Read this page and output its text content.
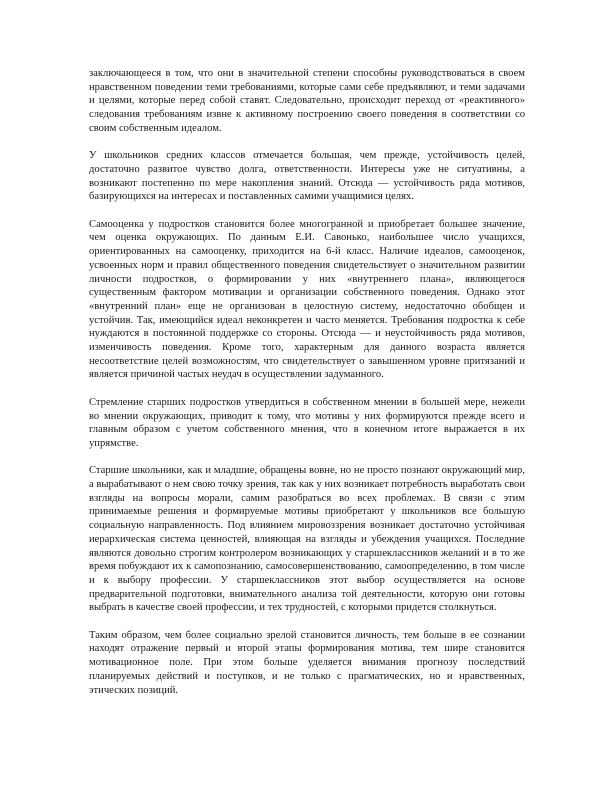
заключающееся в том, что они в значительной степени способны руководствоваться в своем нравственном поведении теми требованиями, которые сами себе предъявляют, и теми задачами и целями, которые перед собой ставят. Следовательно, происходит переход от «реактивного» следования требованиям извне к активному построению своего поведения в соответствии со своим собственным идеалом.

У школьников средних классов отмечается большая, чем прежде, устойчивость целей, достаточно развитое чувство долга, ответственности. Интересы уже не ситуативны, а возникают постепенно по мере накопления знаний. Отсюда — устойчивость ряда мотивов, базирующихся на интересах и поставленных самими учащимися целях.

Самооценка у подростков становится более многогранной и приобретает большее значение, чем оценка окружающих. По данным Е.И. Савонько, наибольшее число учащихся, ориентированных на самооценку, приходится на 6-й класс. Наличие идеалов, самооценок, усвоенных норм и правил общественного поведения свидетельствует о значительном развитии личности подростков, о формировании у них «внутреннего плана», являющегося существенным фактором мотивации и организации собственного поведения. Однако этот «внутренний план» еще не организован в целостную систему, недостаточно обобщен и устойчив. Так, имеющийся идеал неконкретен и часто меняется. Требования подростка к себе нуждаются в постоянной поддержке со стороны. Отсюда — и неустойчивость ряда мотивов, изменчивость поведения. Кроме того, характерным для данного возраста является несоответствие целей возможностям, что свидетельствует о завышенном уровне притязаний и является причиной частых неудач в осуществлении задуманного.

Стремление старших подростков утвердиться в собственном мнении в большей мере, нежели во мнении окружающих, приводит к тому, что мотивы у них формируются прежде всего и главным образом с учетом собственного мнения, что в конечном итоге выражается в их упрямстве.

Старшие школьники, как и младшие, обращены вовне, но не просто познают окружающий мир, а вырабатывают о нем свою точку зрения, так как у них возникает потребность выработать свои взгляды на вопросы морали, самим разобраться во всех проблемах. В связи с этим принимаемые решения и формируемые мотивы приобретают у школьников все большую социальную направленность. Под влиянием мировоззрения возникает достаточно устойчивая иерархическая система ценностей, влияющая на взгляды и убеждения учащихся. Последние являются довольно строгим контролером возникающих у старшеклассников желаний и в то же время побуждают их к самопознанию, самосовершенствованию, самоопределению, в том числе и к выбору профессии. У старшеклассников этот выбор осуществляется на основе предварительной подготовки, внимательного анализа той деятельности, которую они готовы выбрать в качестве своей профессии, и тех трудностей, с которыми придется столкнуться.

Таким образом, чем более социально зрелой становится личность, тем больше в ее сознании находят отражение первый и второй этапы формирования мотива, тем шире становится мотивационное поле. При этом больше уделяется внимания прогнозу последствий планируемых действий и поступков, и не только с прагматических, но и нравственных, этических позиций.
